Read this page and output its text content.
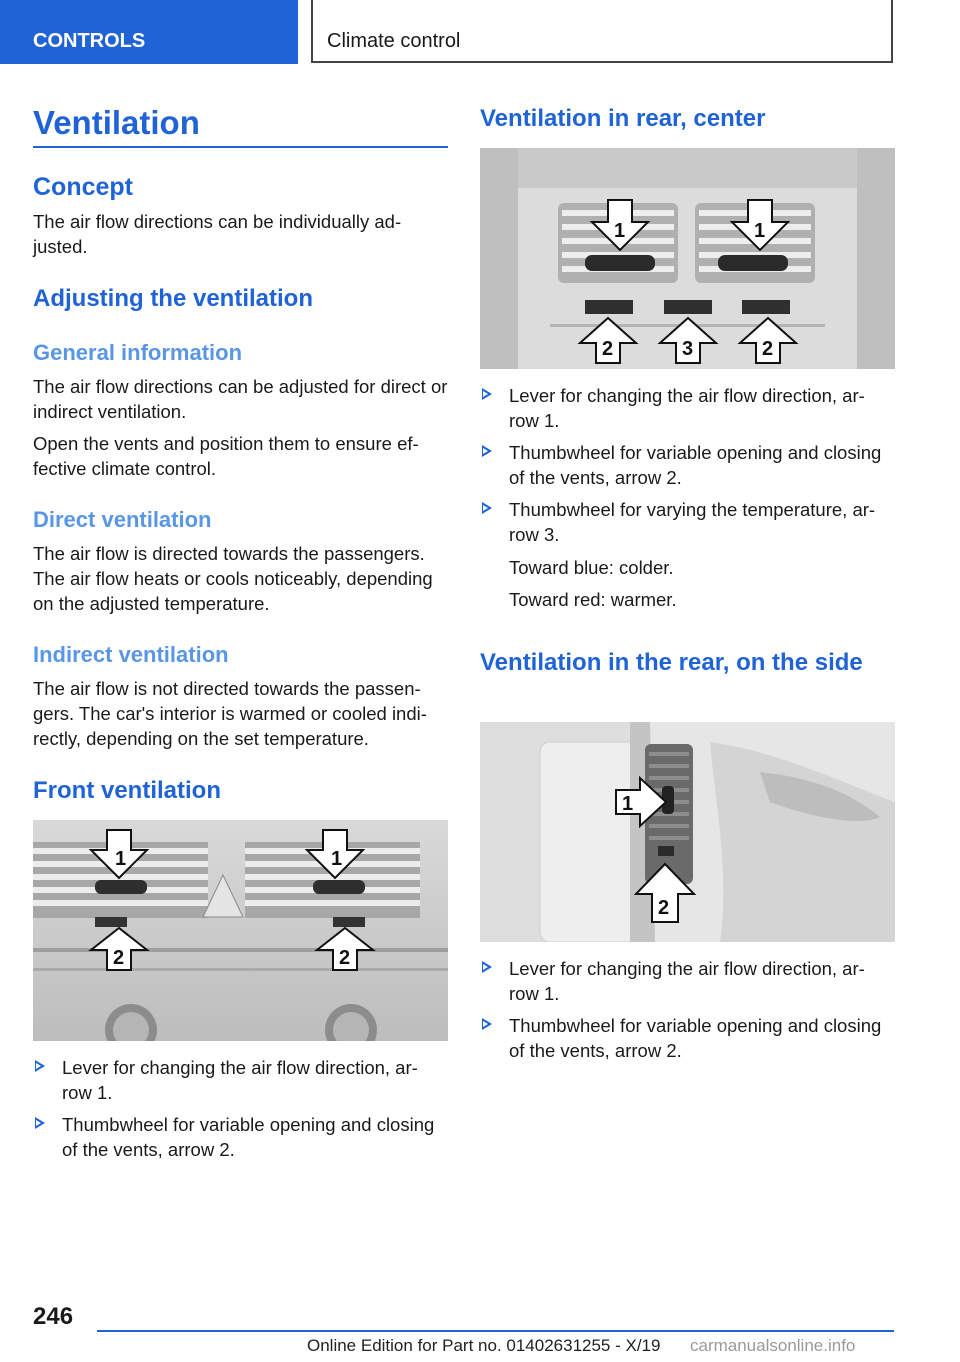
CONTROLS	Climate control
Ventilation
Concept

The air flow directions can be individually ad‐ justed.

Adjusting the ventilation
General information

The air flow directions can be adjusted for direct or indirect ventilation.

Open the vents and position them to ensure ef‐ fective climate control.

Direct ventilation

The air flow is directed towards the passengers. The air flow heats or cools noticeably, depending on the adjusted temperature.

Indirect ventilation

The air flow is not directed towards the passen‐ gers. The car's interior is warmed or cooled indi‐ rectly, depending on the set temperature.

Front ventilation
1	1
2	2
Lever for changing the air flow direction, ar‐ row 1.
Thumbwheel for variable opening and closing of the vents, arrow 2.
Ventilation in rear, center
1	1
2	3	2
Lever for changing the air flow direction, ar‐ row 1.
Thumbwheel for variable opening and closing of the vents, arrow 2.
Thumbwheel for varying the temperature, ar‐ row 3.

Toward blue: colder.

Toward red: warmer.

Ventilation in the rear, on the side
1
2
Lever for changing the air flow direction, ar‐ row 1.
Thumbwheel for variable opening and closing of the vents, arrow 2.
246
Online Edition for Part no. 01402631255 - X/19 carmanualsonline.info
